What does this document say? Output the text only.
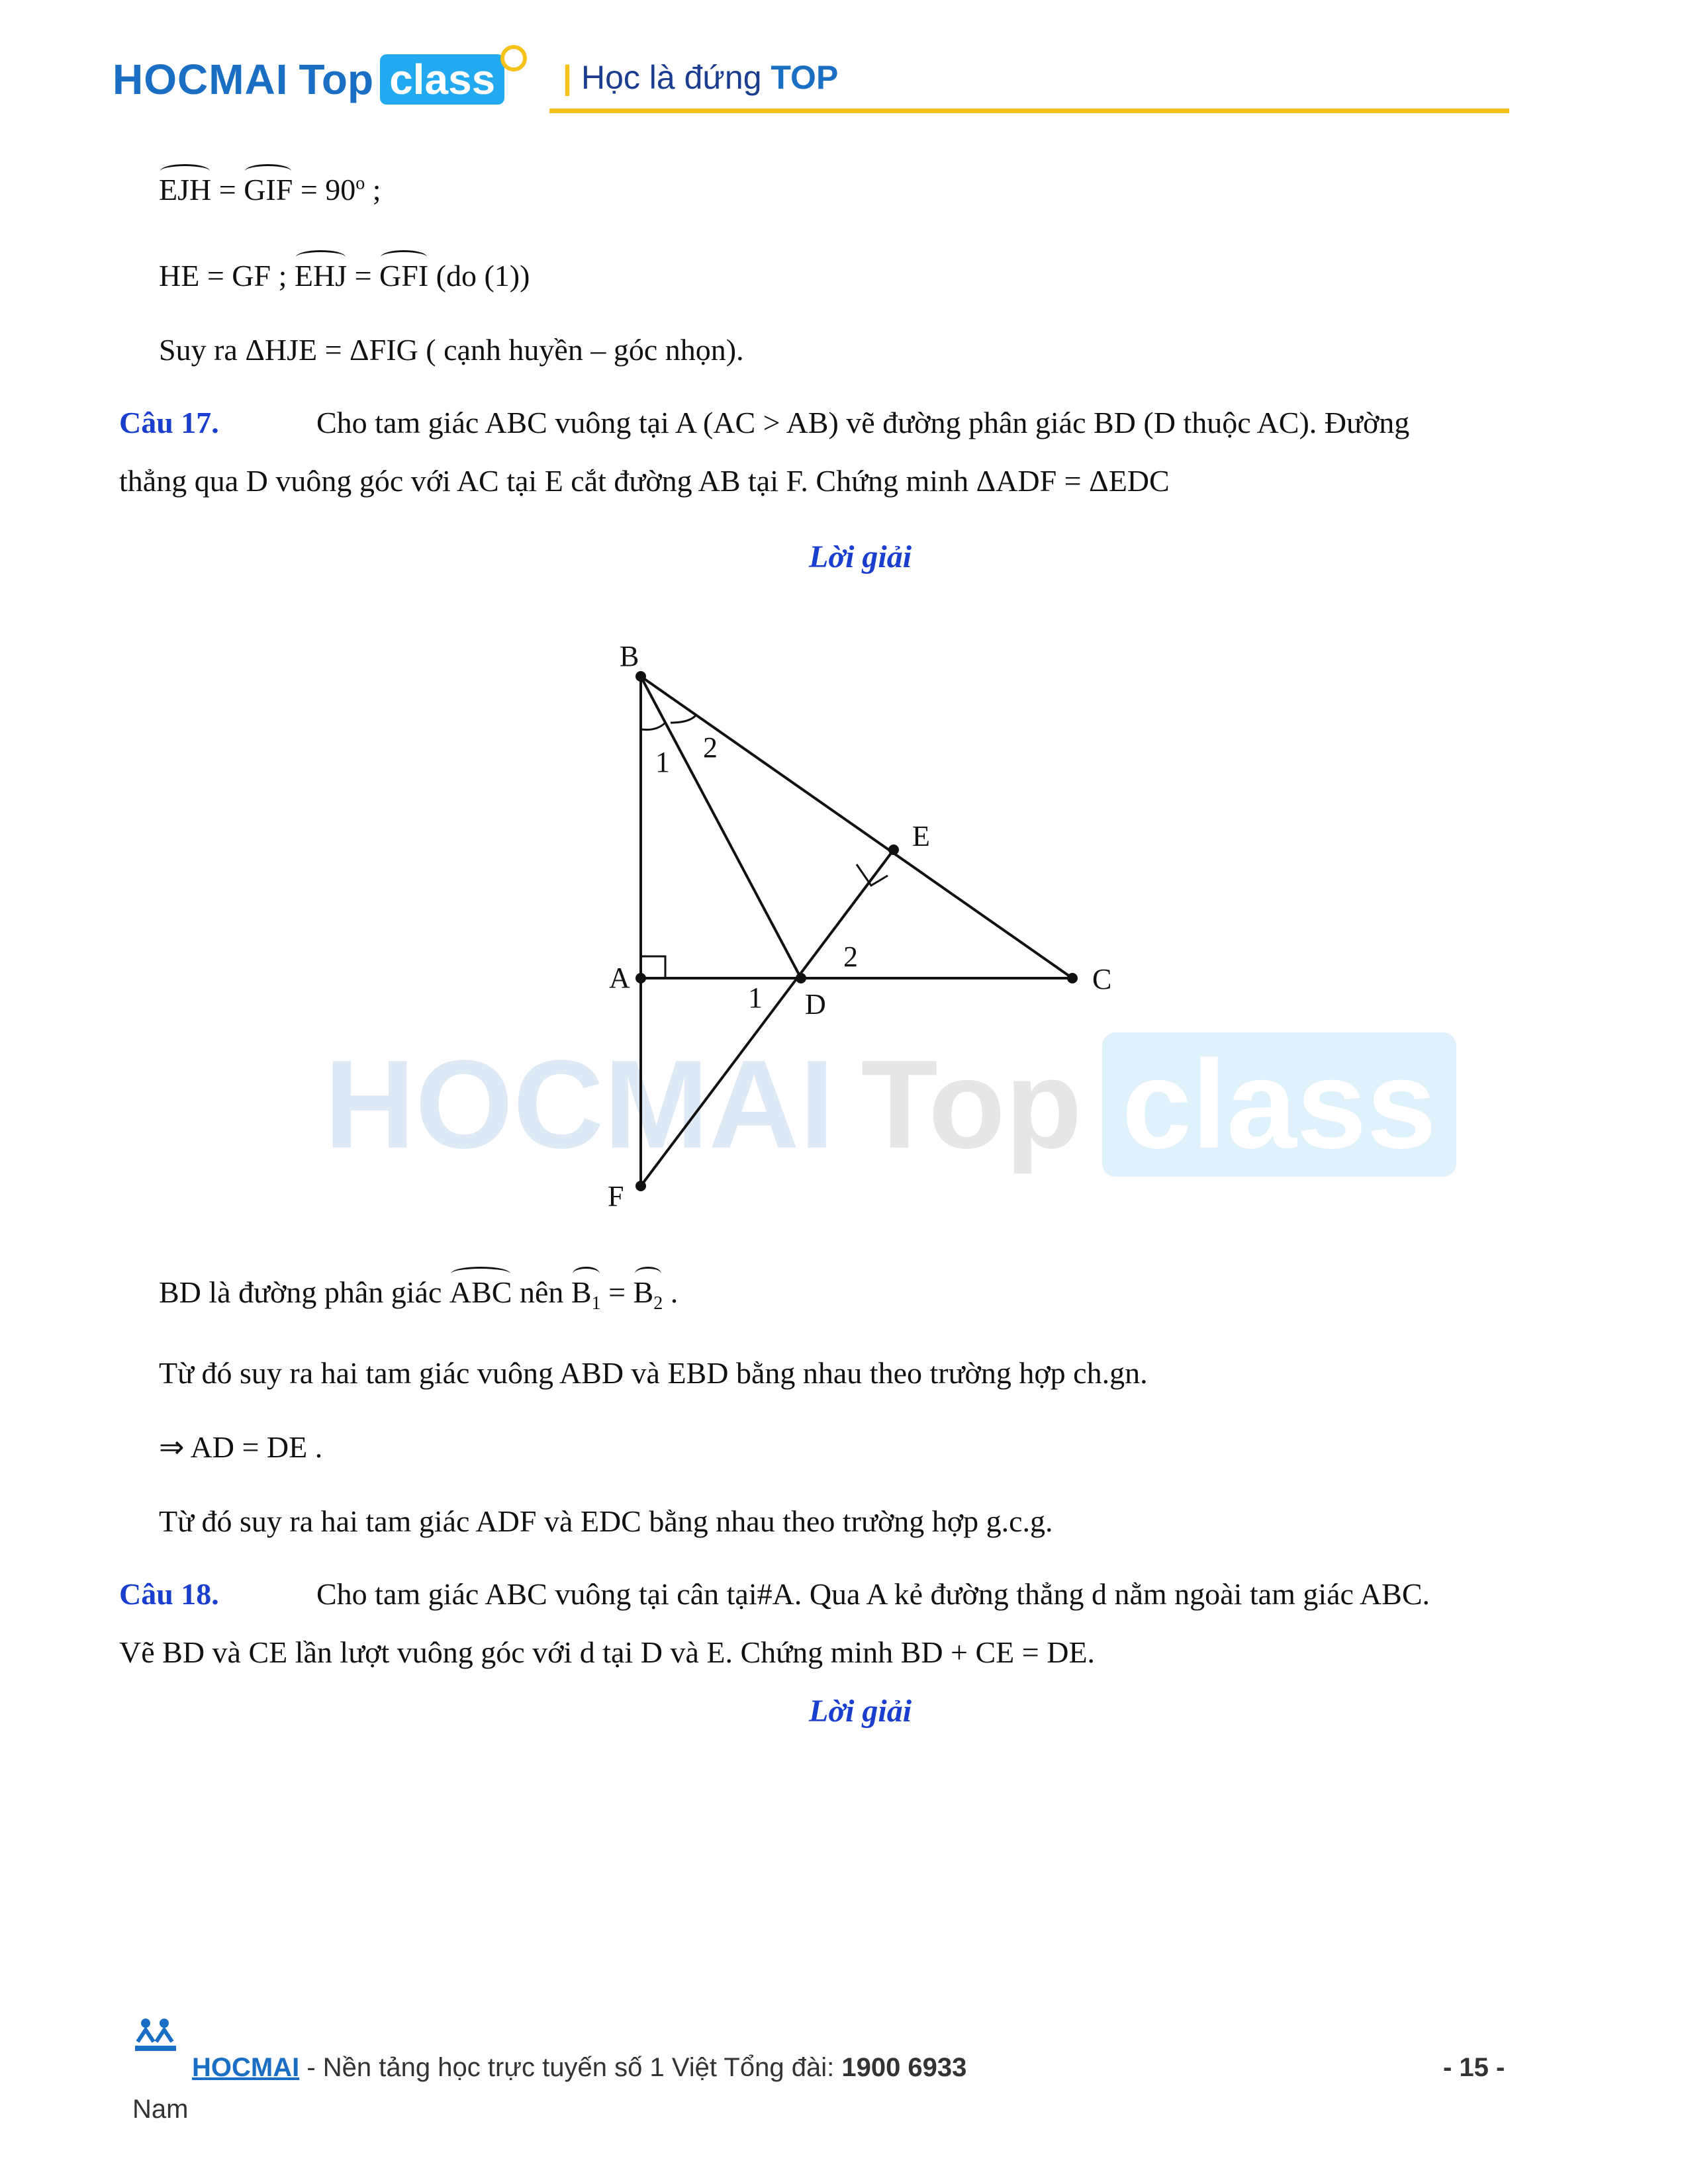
HOCMAI Top class | Học là đứng TOP
EJH = GIF = $90^o$ ;
HE = GF ; EHJ = GFI (do (1))
Suy ra ΔHJE = ΔFIG ( cạnh huyền – góc nhọn).
Câu 17.	Cho tam giác ABC vuông tại A (AC > AB) vẽ đường phân giác BD (D thuộc AC). Đường
thẳng qua D vuông góc với AC tại E cắt đường AB tại F. Chứng minh ΔADF = ΔEDC
Lời giải
HOCMAI Top class
B
A	C
D
E
F
1 2
1
2
BD là đường phân giác ABC nên $B_1 = B_2$ .
Từ đó suy ra hai tam giác vuông ABD và EBD bằng nhau theo trường hợp ch.gn.
⇒ AD = DE .
Từ đó suy ra hai tam giác ADF và EDC bằng nhau theo trường hợp g.c.g.
Câu 18.	Cho tam giác ABC vuông tại cân tại#A. Qua A kẻ đường thẳng d nằm ngoài tam giác ABC.
Vẽ BD và CE lần lượt vuông góc với d tại D và E. Chứng minh BD + CE = DE.
Lời giải
HOCMAI - Nền tảng học trực tuyến số 1 Việt Tổng đài: 1900 6933	- 15 -
Nam
